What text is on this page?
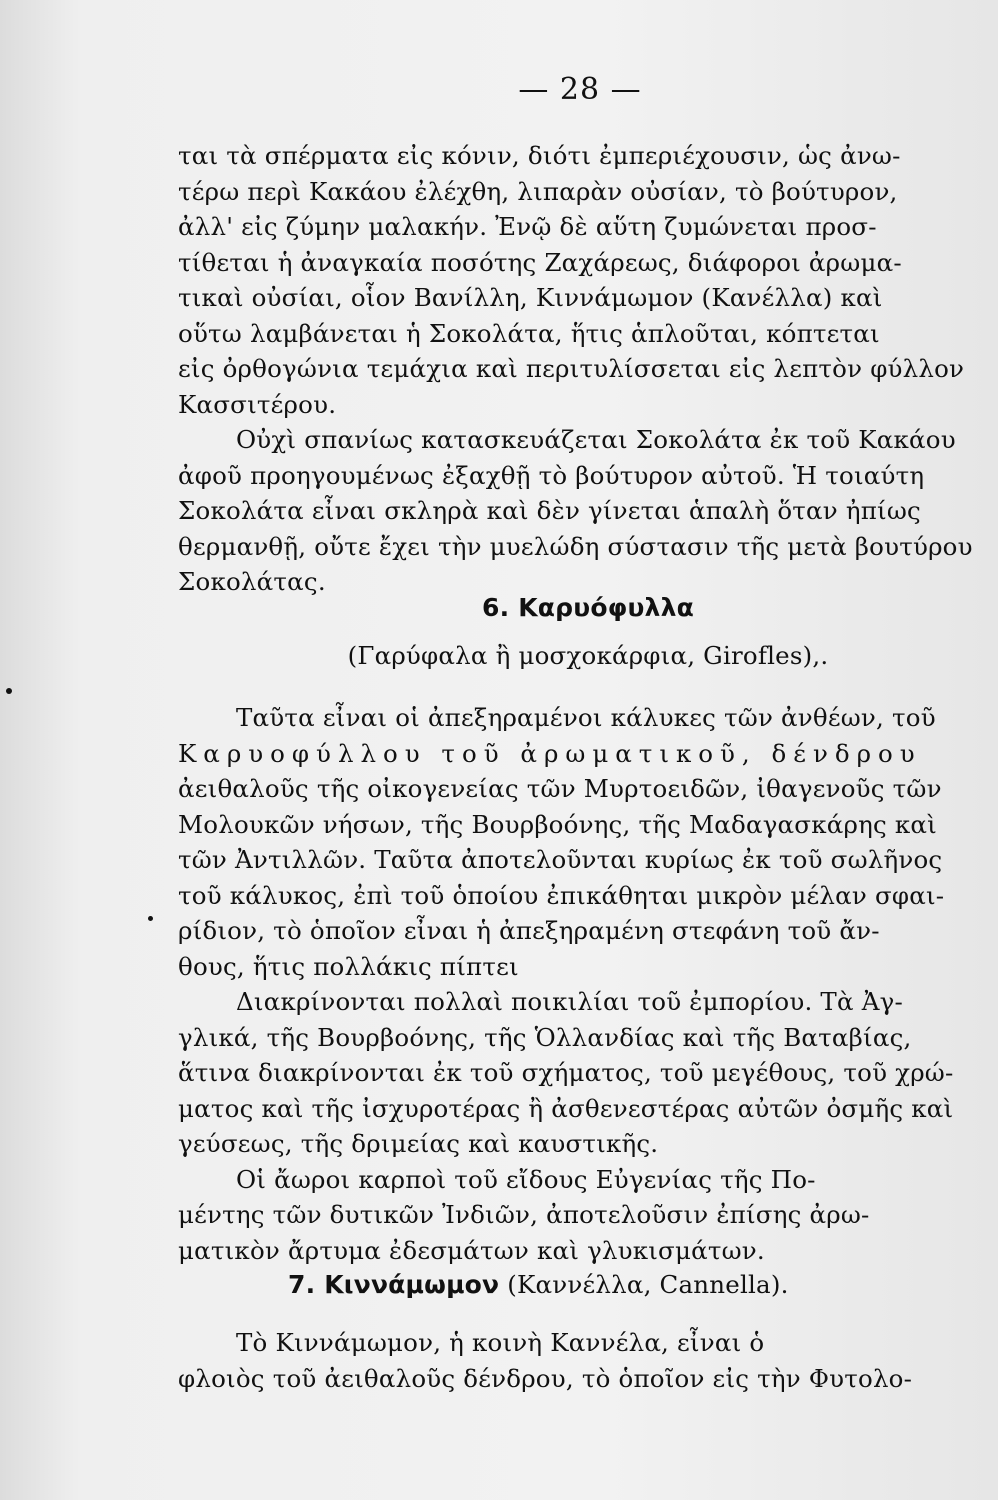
— 28 —
ται τὰ σπέρματα εἰς κόνιν, διότι ἐμπεριέχουσιν, ὡς ἀνω-
τέρω περὶ Κακάου ἐλέχθη, λιπαρὰν οὐσίαν, τὸ βούτυρον,
ἀλλ' εἰς ζύμην μαλακήν. Ἐνῷ δὲ αὕτη ζυμώνεται προσ-
τίθεται ἡ ἀναγκαία ποσότης Ζαχάρεως, διάφοροι ἀρωμα-
τικαὶ οὐσίαι, οἷον Βανίλλη, Κιννάμωμον (Κανέλλα) καὶ
οὕτω λαμβάνεται ἡ Σοκολάτα, ἥτις ἁπλοῦται, κόπτεται
εἰς ὀρθογώνια τεμάχια καὶ περιτυλίσσεται εἰς λεπτὸν φύλλον
Κασσιτέρου.
Οὐχὶ σπανίως κατασκευάζεται Σοκολάτα ἐκ τοῦ Κακάου
ἀφοῦ προηγουμένως ἐξαχθῇ τὸ βούτυρον αὐτοῦ. Ἡ τοιαύτη
Σοκολάτα εἶναι σκληρὰ καὶ δὲν γίνεται ἁπαλὴ ὅταν ἠπίως
θερμανθῇ, οὔτε ἔχει τὴν μυελώδη σύστασιν τῆς μετὰ βουτύρου
Σοκολάτας.
6. Καρυόφυλλα
(Γαρύφαλα ἢ μοσχοκάρφια, Girofles),.
Ταῦτα εἶναι οἱ ἀπεξηραμένοι κάλυκες τῶν ἀνθέων, τοῦ
Καρυοφύλλου τοῦ ἀρωματικοῦ, δένδρου
ἀειθαλοῦς τῆς οἰκογενείας τῶν Μυρτοειδῶν, ἰθαγενοῦς τῶν
Μολουκῶν νήσων, τῆς Βουρβοόνης, τῆς Μαδαγασκάρης καὶ
τῶν Ἀντιλλῶν. Ταῦτα ἀποτελοῦνται κυρίως ἐκ τοῦ σωλῆνος
τοῦ κάλυκος, ἐπὶ τοῦ ὁποίου ἐπικάθηται μικρὸν μέλαν σφαι-
ρίδιον, τὸ ὁποῖον εἶναι ἡ ἀπεξηραμένη στεφάνη τοῦ ἄν-
θους, ἥτις πολλάκις πίπτει
Διακρίνονται πολλαὶ ποικιλίαι τοῦ ἐμπορίου. Τὰ Ἀγ-
γλικά, τῆς Βουρβοόνης, τῆς Ὁλλανδίας καὶ τῆς Βαταβίας,
ἅτινα διακρίνονται ἐκ τοῦ σχήματος, τοῦ μεγέθους, τοῦ χρώ-
ματος καὶ τῆς ἰσχυροτέρας ἢ ἀσθενεστέρας αὐτῶν ὀσμῆς καὶ
γεύσεως, τῆς δριμείας καὶ καυστικῆς.
Οἱ ἄωροι καρποὶ τοῦ εἴδους Εὐγενίας τῆς Πο-
μέντης τῶν δυτικῶν Ἰνδιῶν, ἀποτελοῦσιν ἐπίσης ἀρω-
ματικὸν ἄρτυμα ἐδεσμάτων καὶ γλυκισμάτων.
7. Κιννάμωμον (Καννέλλα, Cannella).
Τὸ Κιννάμωμον, ἡ κοινὴ Καννέλα, εἶναι ὁ
φλοιὸς τοῦ ἀειθαλοῦς δένδρου, τὸ ὁποῖον εἰς τὴν Φυτολο-
